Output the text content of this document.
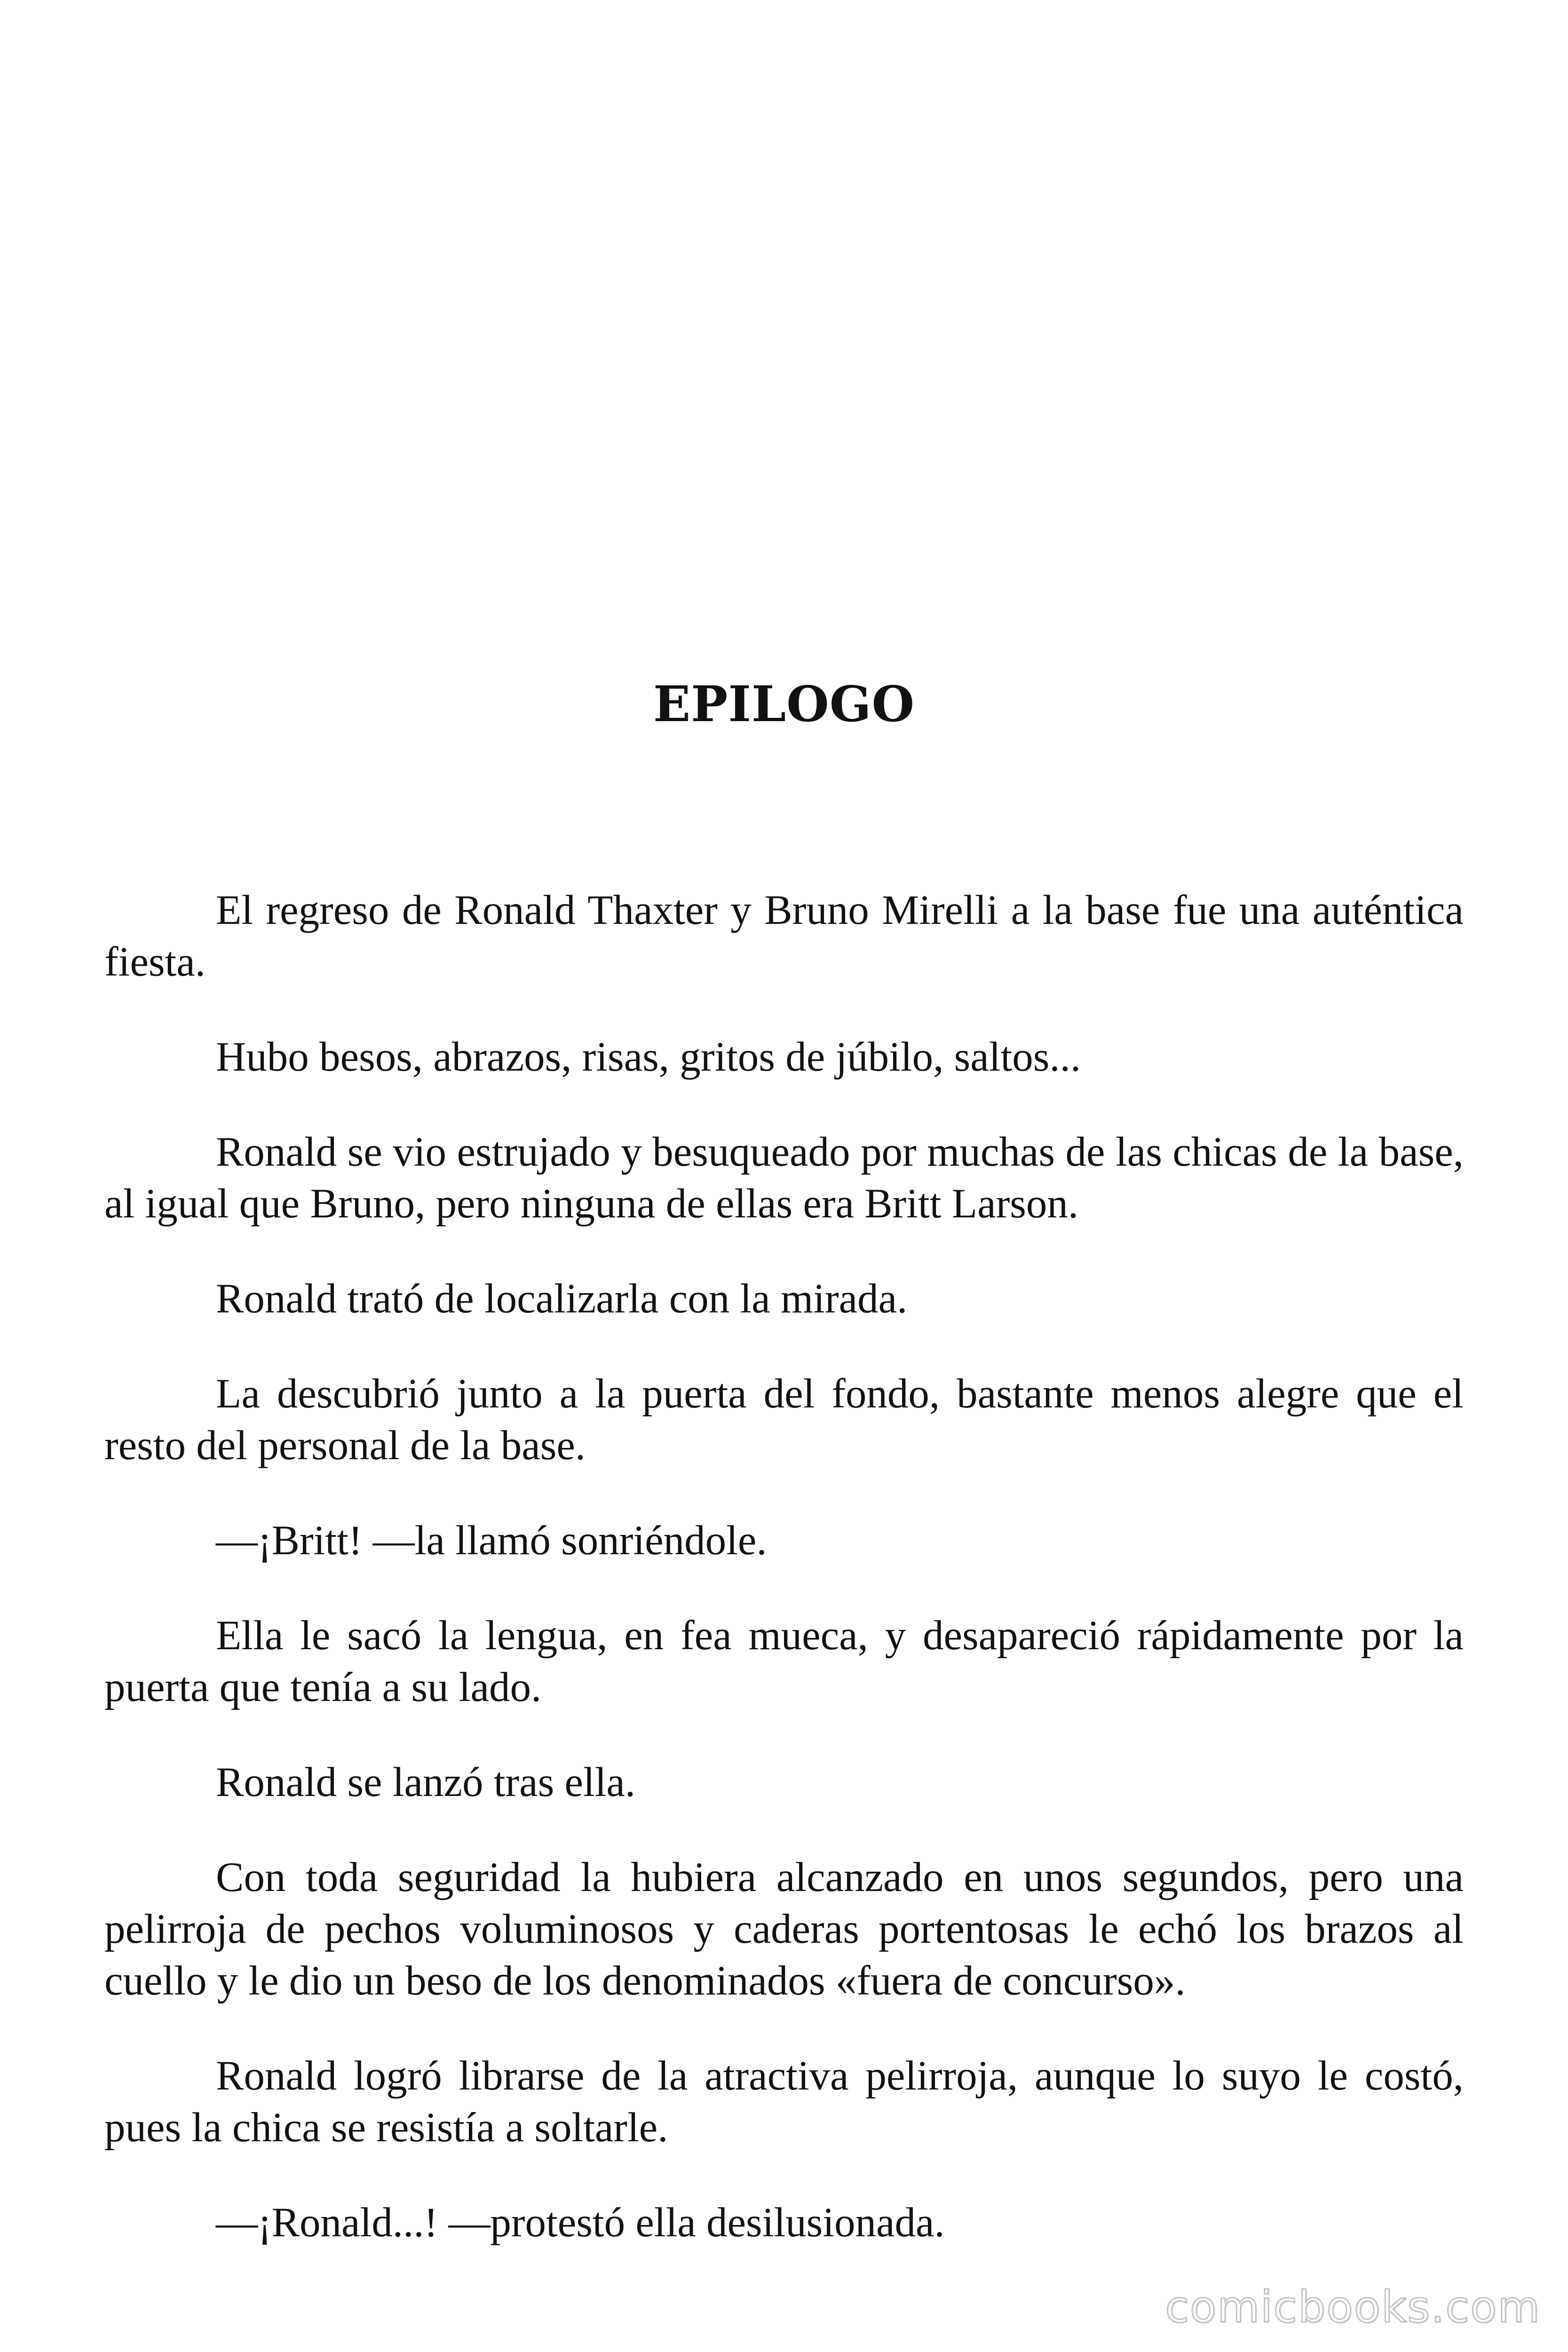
EPILOGO

El regreso de Ronald Thaxter y Bruno Mirelli a la base fue una auténtica fiesta.

Hubo besos, abrazos, risas, gritos de júbilo, saltos...

Ronald se vio estrujado y besuqueado por muchas de las chicas de la base, al igual que Bruno, pero ninguna de ellas era Britt Larson.

Ronald trató de localizarla con la mirada.

La descubrió junto a la puerta del fondo, bastante menos alegre que el resto del personal de la base.

—¡Britt! —la llamó sonriéndole.

Ella le sacó la lengua, en fea mueca, y desapareció rápidamente por la puerta que tenía a su lado.

Ronald se lanzó tras ella.

Con toda seguridad la hubiera alcanzado en unos segundos, pero una pelirroja de pechos voluminosos y caderas portentosas le echó los brazos al cuello y le dio un beso de los denominados «fuera de concurso».

Ronald logró librarse de la atractiva pelirroja, aunque lo suyo le costó, pues la chica se resistía a soltarle.

—¡Ronald...! —protestó ella desilusionada.

comicbooks.com
